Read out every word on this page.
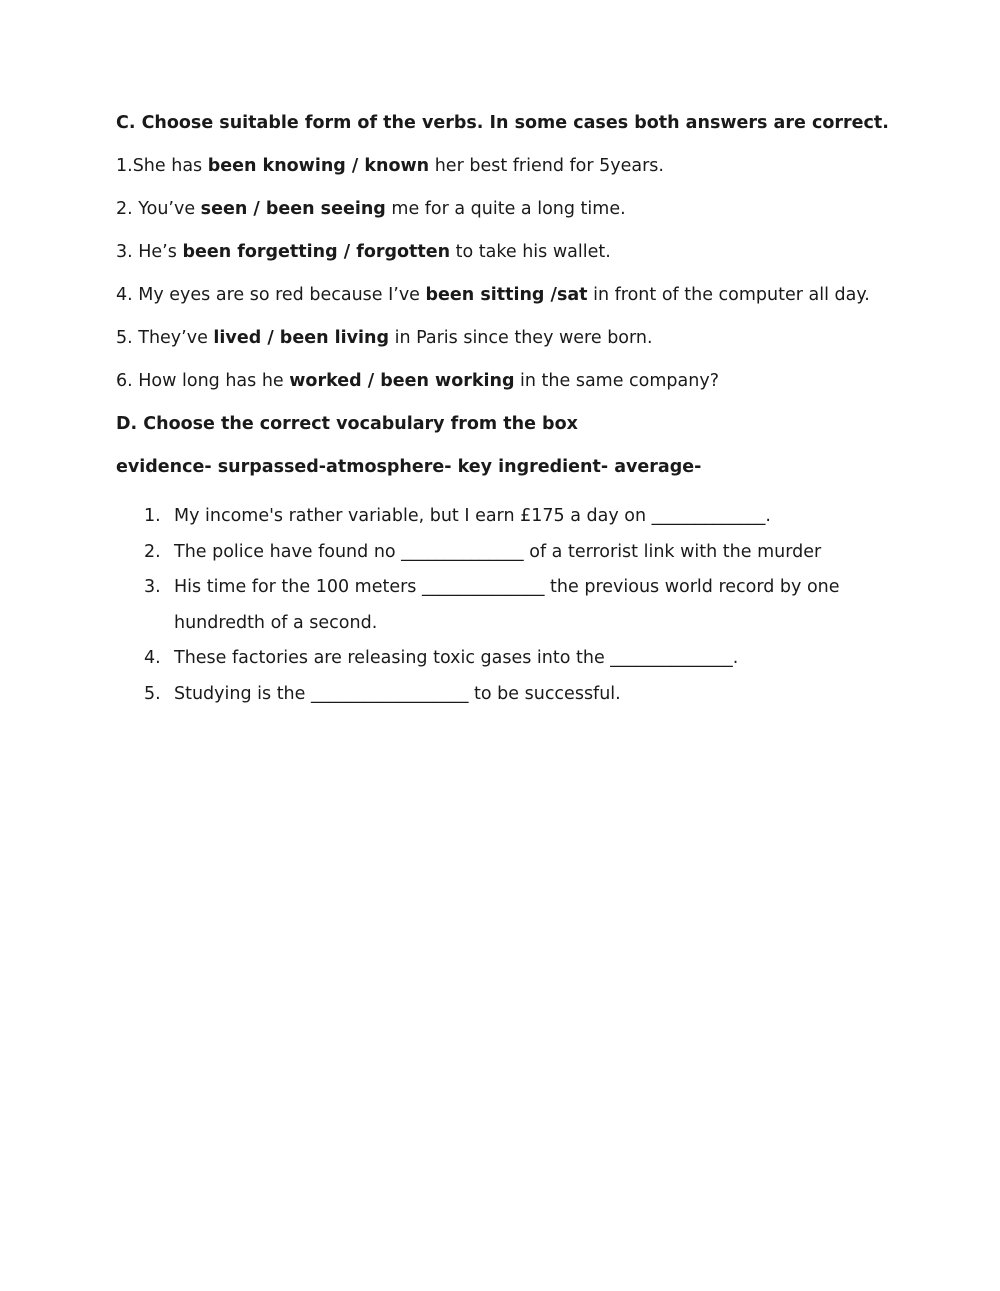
C. Choose suitable form of the verbs. In some cases both answers are correct.
1.She has been knowing / known her best friend for 5years.
2. You’ve seen / been seeing me for a quite a long time.
3. He’s been forgetting / forgotten to take his wallet.
4. My eyes are so red because I’ve been sitting /sat in front of the computer all day.
5. They’ve lived / been living in Paris since they were born.
6. How long has he worked / been working in the same company?
D. Choose the correct vocabulary from the box
evidence- surpassed-atmosphere- key ingredient- average-
1. My income's rather variable, but I earn £175 a day on _____________.
2. The police have found no ______________ of a terrorist link with the murder
3. His time for the 100 meters ______________ the previous world record by one
hundredth of a second.
4. These factories are releasing toxic gases into the ______________.
5. Studying is the __________________ to be successful.
